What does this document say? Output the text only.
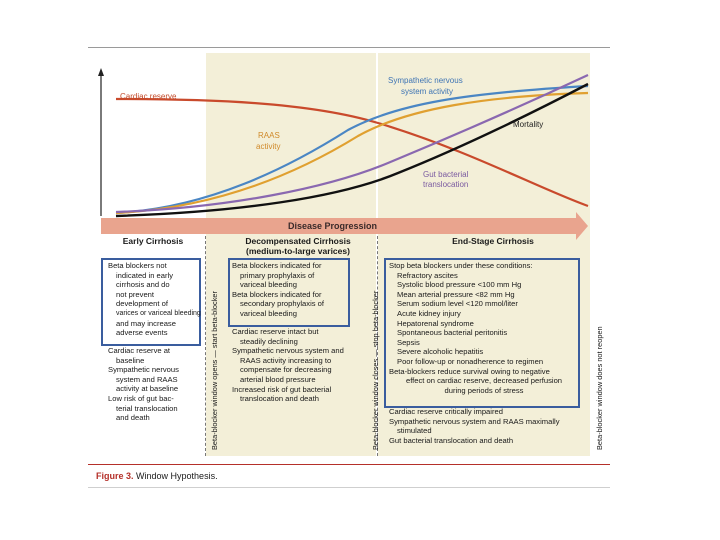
Cardiac reserve
Sympathetic nervous
system activity
Mortality
RAAS
activity
Gut bacterial
translocation
Disease Progression
Early Cirrhosis	Decompensated Cirrhosis
(medium-to-large varices)
End-Stage Cirrhosis
Beta-blocker window opens — start beta-blocker	Beta-blocker window closes — stop beta-blocker	Beta-blocker window does not reopen

Beta blockers not

indicated in early

cirrhosis and do

not prevent

development of

varices or variceal bleeding

and may increase

adverse events

Cardiac reserve at

baseline

Sympathetic nervous

system and RAAS

activity at baseline

Low risk of gut bac-

terial translocation

and death

Beta blockers indicated for

primary prophylaxis of

variceal bleeding

Beta blockers indicated for

secondary prophylaxis of

variceal bleeding

Cardiac reserve intact but

steadily declining

Sympathetic nervous system and

RAAS activity increasing to

compensate for decreasing

arterial blood pressure

Increased risk of gut bacterial

translocation and death

Stop beta blockers under these conditions:

Refractory ascites

Systolic blood pressure <100 mm Hg

Mean arterial pressure <82 mm Hg

Serum sodium level <120 mmol/liter

Acute kidney injury

Hepatorenal syndrome

Spontaneous bacterial peritonitis

Sepsis

Severe alcoholic hepatitis

Poor follow-up or nonadherence to regimen

Beta-blockers reduce survival owing to negative

effect on cardiac reserve, decreased perfusion

during periods of stress

Cardiac reserve critically impaired

Sympathetic nervous system and RAAS maximally

stimulated

Gut bacterial translocation and death

Figure 3. Window Hypothesis.
